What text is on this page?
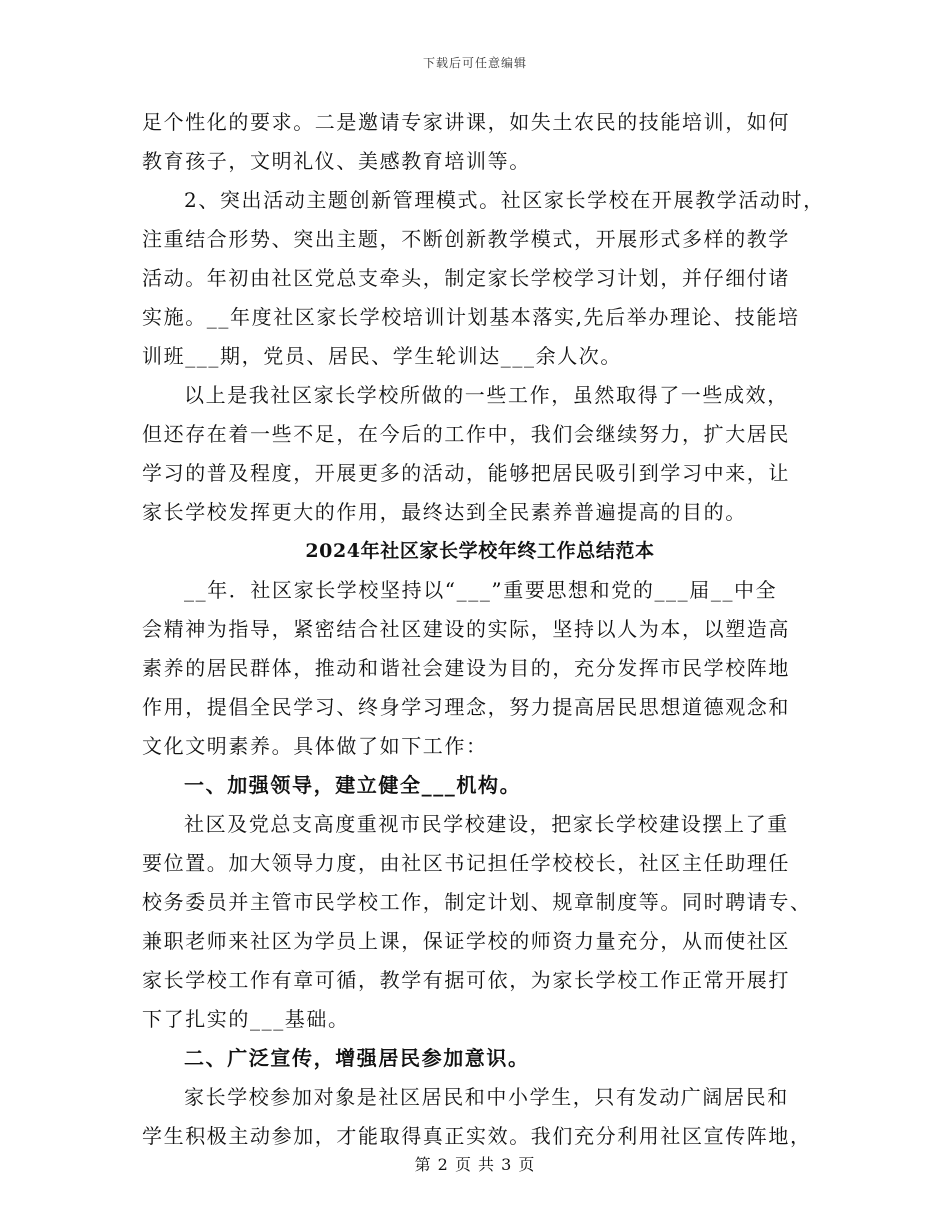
下载后可任意编辑
足个性化的要求。二是邀请专家讲课，如失土农民的技能培训，如何
教育孩子，文明礼仪、美感教育培训等。
2、突出活动主题创新管理模式。社区家长学校在开展教学活动时，
注重结合形势、突出主题，不断创新教学模式，开展形式多样的教学
活动。年初由社区党总支牵头，制定家长学校学习计划，并仔细付诸
实施。__年度社区家长学校培训计划基本落实,先后举办理论、技能培
训班___期，党员、居民、学生轮训达___余人次。
以上是我社区家长学校所做的一些工作，虽然取得了一些成效，
但还存在着一些不足，在今后的工作中，我们会继续努力，扩大居民
学习的普及程度，开展更多的活动，能够把居民吸引到学习中来，让
家长学校发挥更大的作用，最终达到全民素养普遍提高的目的。
2024年社区家长学校年终工作总结范本
__年．社区家长学校坚持以“___”重要思想和党的___届__中全
会精神为指导，紧密结合社区建设的实际，坚持以人为本，以塑造高
素养的居民群体，推动和谐社会建设为目的，充分发挥市民学校阵地
作用，提倡全民学习、终身学习理念，努力提高居民思想道德观念和
文化文明素养。具体做了如下工作：
一、加强领导，建立健全___机构。
社区及党总支高度重视市民学校建设，把家长学校建设摆上了重
要位置。加大领导力度，由社区书记担任学校校长，社区主任助理任
校务委员并主管市民学校工作，制定计划、规章制度等。同时聘请专、
兼职老师来社区为学员上课，保证学校的师资力量充分，从而使社区
家长学校工作有章可循，教学有据可依，为家长学校工作正常开展打
下了扎实的___基础。
二、广泛宣传，增强居民参加意识。
家长学校参加对象是社区居民和中小学生，只有发动广阔居民和
学生积极主动参加，才能取得真正实效。我们充分利用社区宣传阵地，
第 2 页 共 3 页
